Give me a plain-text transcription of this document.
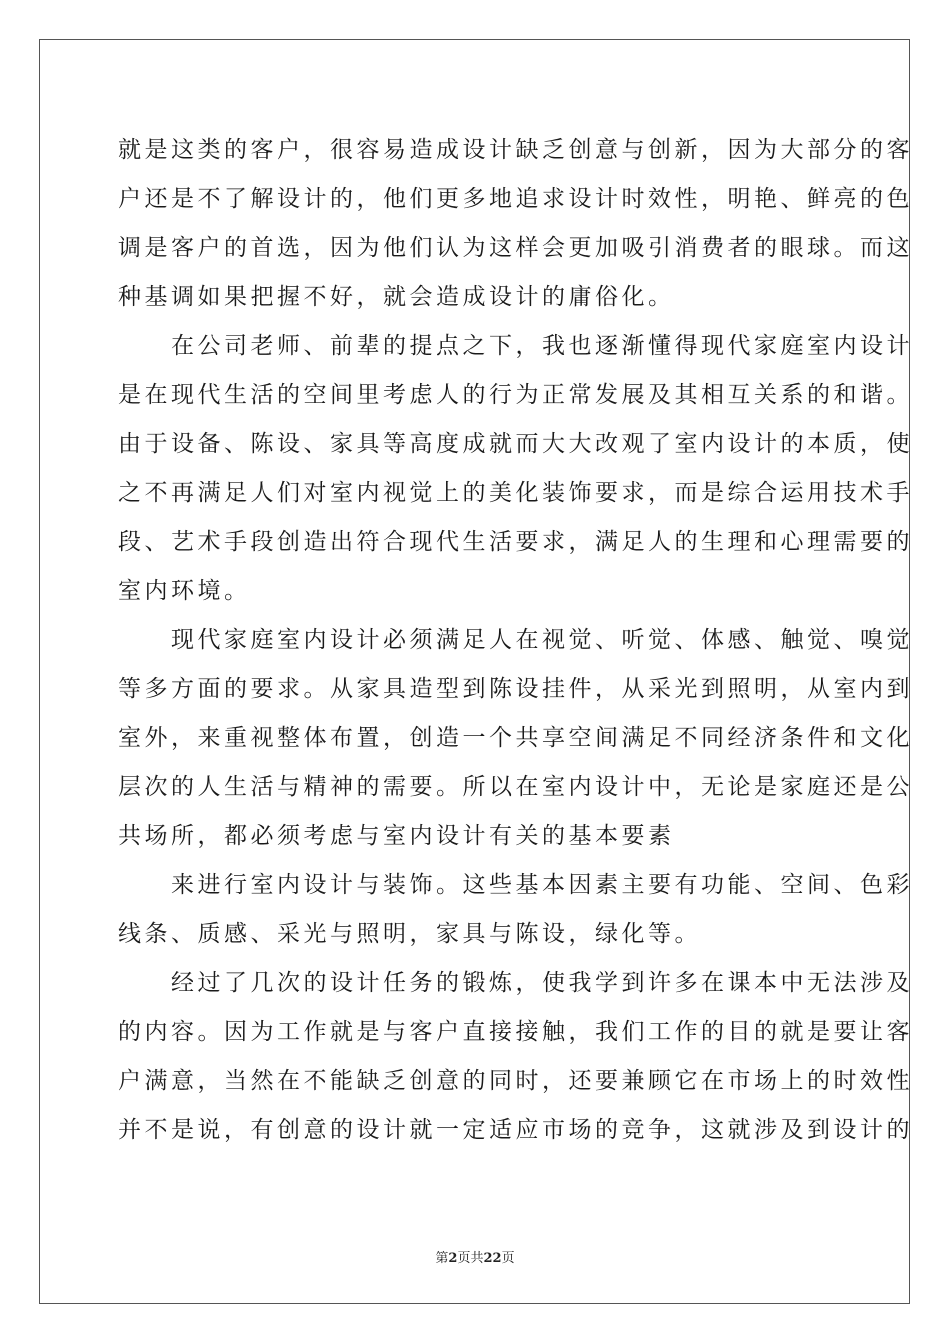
就是这类的客户，很容易造成设计缺乏创意与创新，因为大部分的客
户还是不了解设计的，他们更多地追求设计时效性，明艳、鲜亮的色
调是客户的首选，因为他们认为这样会更加吸引消费者的眼球。而这
种基调如果把握不好，就会造成设计的庸俗化。
　　在公司老师、前辈的提点之下，我也逐渐懂得现代家庭室内设计
是在现代生活的空间里考虑人的行为正常发展及其相互关系的和谐。
由于设备、陈设、家具等高度成就而大大改观了室内设计的本质，使
之不再满足人们对室内视觉上的美化装饰要求，而是综合运用技术手
段、艺术手段创造出符合现代生活要求，满足人的生理和心理需要的
室内环境。
　　现代家庭室内设计必须满足人在视觉、听觉、体感、触觉、嗅觉
等多方面的要求。从家具造型到陈设挂件，从采光到照明，从室内到
室外，来重视整体布置，创造一个共享空间满足不同经济条件和文化
层次的人生活与精神的需要。所以在室内设计中，无论是家庭还是公
共场所，都必须考虑与室内设计有关的基本要素
　　来进行室内设计与装饰。这些基本因素主要有功能、空间、色彩
线条、质感、采光与照明，家具与陈设，绿化等。
　　经过了几次的设计任务的锻炼，使我学到许多在课本中无法涉及
的内容。因为工作就是与客户直接接触，我们工作的目的就是要让客
户满意，当然在不能缺乏创意的同时，还要兼顾它在市场上的时效性
并不是说，有创意的设计就一定适应市场的竞争，这就涉及到设计的
第2页共22页
